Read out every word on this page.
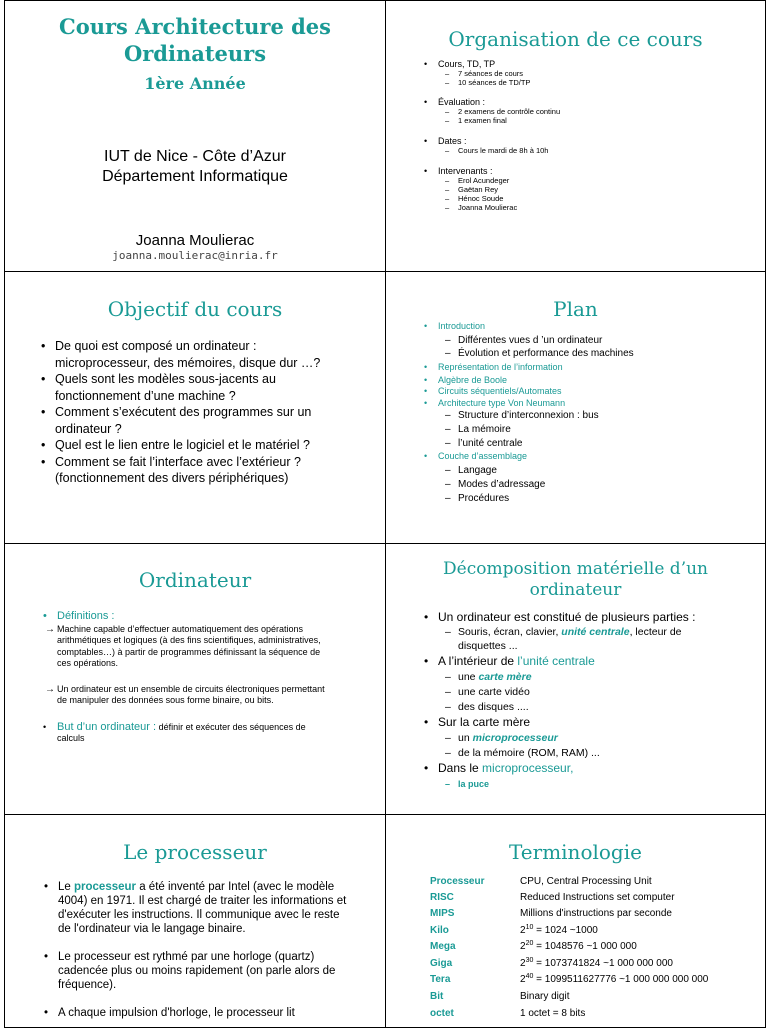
Cours Architecture des
Ordinateurs
1ère Année
IUT de Nice - Côte d’Azur
Département Informatique
Joanna Moulierac
joanna.moulierac@inria.fr
Organisation de ce cours
• Cours, TD, TP
– 7 séances de cours
– 10 séances de TD/TP
• Évaluation :
– 2 examens de contrôle continu
– 1 examen final
• Dates :
– Cours le mardi de 8h à 10h
• Intervenants :
– Erol Acundeger
– Gaëtan Rey
– Hénoc Soude
– Joanna Moulierac
Objectif du cours
• De quoi est composé un ordinateur :
microprocesseur, des mémoires, disque dur …?
• Quels sont les modèles sous-jacents au
fonctionnement d’une machine ?
• Comment s’exécutent des programmes sur un
ordinateur ?
• Quel est le lien entre le logiciel et le matériel ?
• Comment se fait l’interface avec l’extérieur ?
(fonctionnement des divers périphériques)
Plan
• Introduction
– Différentes vues d ’un ordinateur
– Évolution et performance des machines
• Représentation de l’information
• Algèbre de Boole
• Circuits séquentiels/Automates
• Architecture type Von Neumann
– Structure d’interconnexion : bus
– La mémoire
– l’unité centrale
• Couche d’assemblage
– Langage
– Modes d’adressage
– Procédures
Ordinateur
• Définitions :
→ Machine capable d’effectuer automatiquement des opérations
arithmétiques et logiques (à des fins scientifiques, administratives,
comptables…) à partir de programmes définissant la séquence de
ces opérations.
→ Un ordinateur est un ensemble de circuits électroniques permettant
de manipuler des données sous forme binaire, ou bits.
• But d’un ordinateur : définir et exécuter des séquences de
calculs
Décomposition matérielle d’un
ordinateur
• Un ordinateur est constitué de plusieurs parties :
– Souris, écran, clavier, unité centrale, lecteur de
disquettes ...
• A l’intérieur de l’unité centrale
– une carte mère
– une carte vidéo
– des disques ....
• Sur la carte mère
– un microprocesseur
– de la mémoire (ROM, RAM) ...
• Dans le microprocesseur,
– la puce
Le processeur
• Le processeur a été inventé par Intel (avec le modèle
4004) en 1971. Il est chargé de traiter les informations et
d'exécuter les instructions. Il communique avec le reste
de l'ordinateur via le langage binaire.
• Le processeur est rythmé par une horloge (quartz)
cadencée plus ou moins rapidement (on parle alors de
fréquence).
• A chaque impulsion d'horloge, le processeur lit
Terminologie
Processeur	CPU, Central Processing Unit
RISC	Reduced Instructions set computer
MIPS	Millions d'instructions par seconde
Kilo	$2^{10} = 1024$ ~1000
Mega	$2^{20} = 1048576$ ~1 000 000
Giga	$2^{30} = 1073741824$ ~1 000 000 000
Tera	$2^{40} = 1099511627776$ ~1 000 000 000 000
Bit	Binary digit
octet	1 octet = 8 bits
